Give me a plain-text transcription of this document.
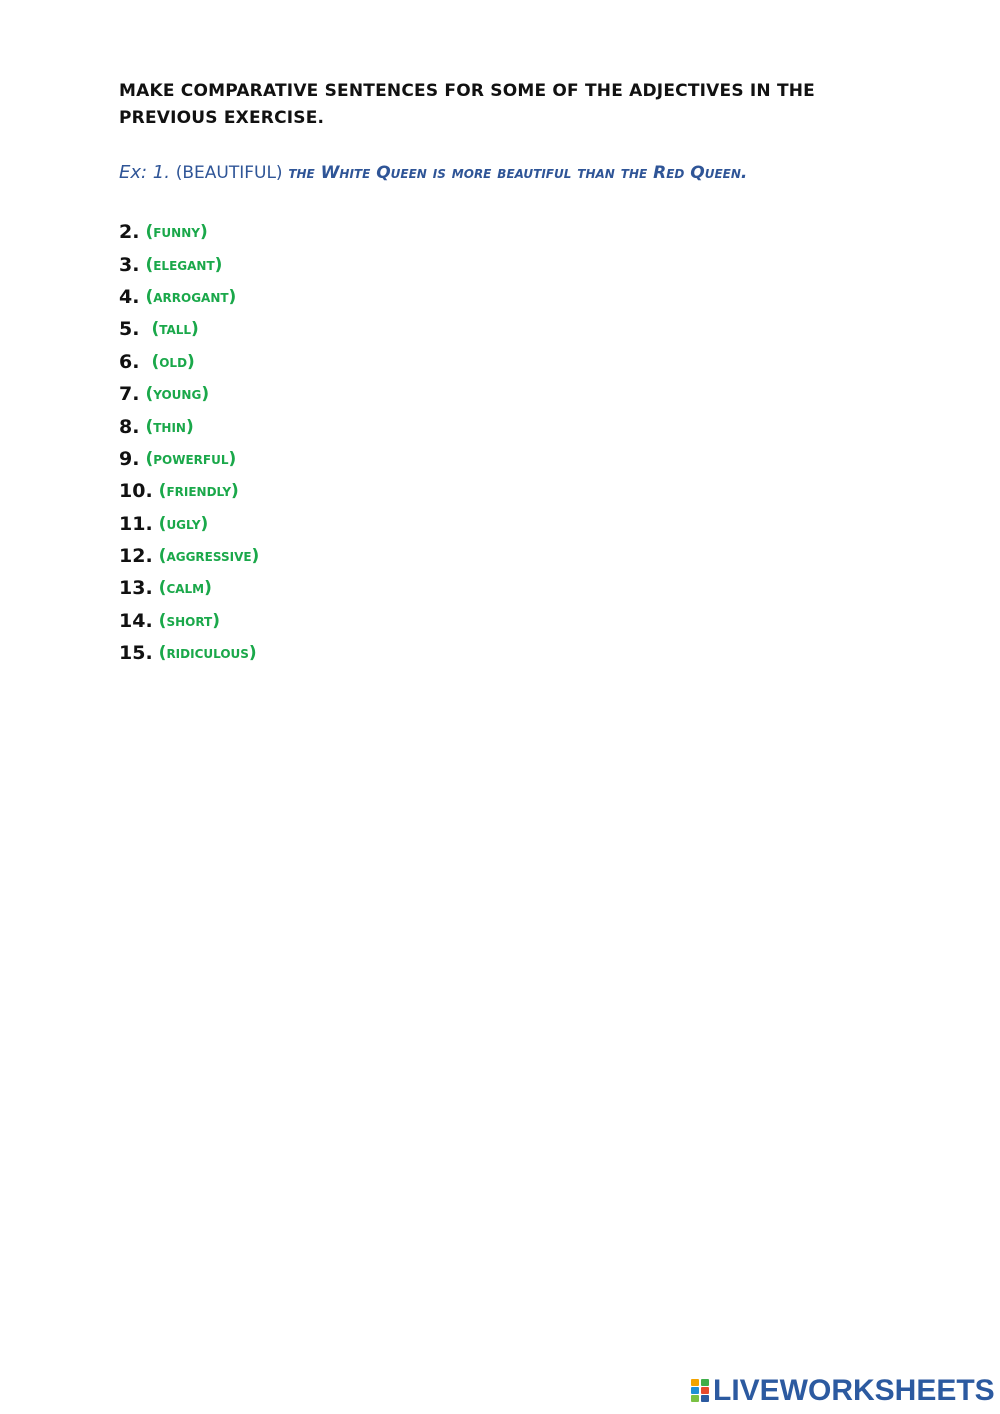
MAKE COMPARATIVE SENTENCES FOR SOME OF THE ADJECTIVES IN THE PREVIOUS EXERCISE.
Ex: 1. (BEAUTIFUL) the White Queen is more beautiful than the Red Queen.
2. (funny)
3. (elegant)
4. (arrogant)
5. (tall)
6. (old)
7. (young)
8. (thin)
9. (powerful)
10. (friendly)
11. (ugly)
12. (aggressive)
13. (calm)
14. (short)
15. (ridiculous)
LIVEWORKSHEETS
